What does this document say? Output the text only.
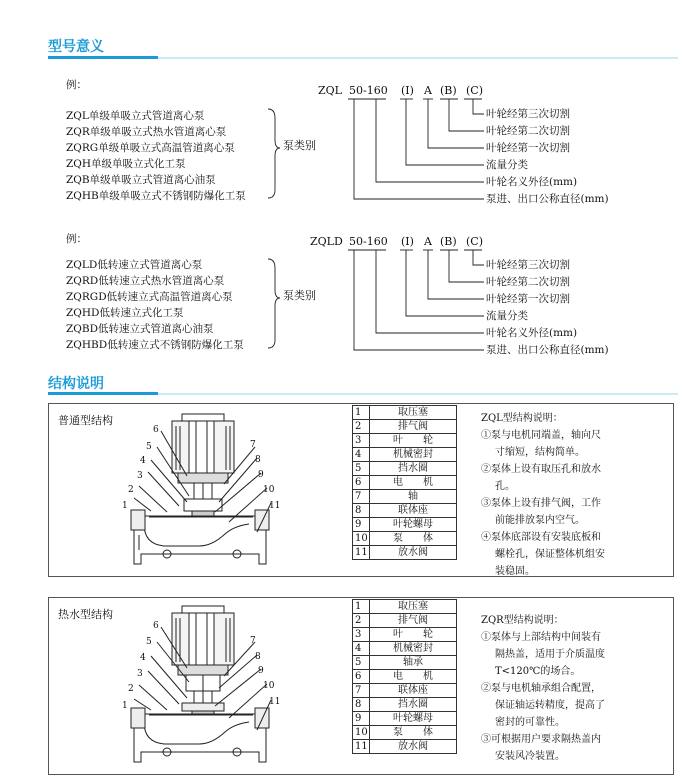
型号意义
例：	ZQL 50-160 (I) A (B) (C)
ZQL单级单吸立式管道离心泵
ZQR单级单吸立式热水管道离心泵
ZQRG单级单吸立式高温管道离心泵
ZQH单级单吸立式化工泵
ZQB单级单吸立式管道离心油泵
ZQHB单级单吸立式不锈钢防爆化工泵
泵类别
叶轮经第三次切割
叶轮经第二次切割
叶轮经第一次切割
流量分类
叶轮名义外径(mm)
泵进、出口公称直径(mm)
例：	ZQLD 50-160 (I) A (B) (C)
ZQLD低转速立式管道离心泵
ZQRD低转速立式热水管道离心泵
ZQRGD低转速立式高温管道离心泵
ZQHD低转速立式化工泵
ZQBD低转速立式管道离心油泵
ZQHBD低转速立式不锈钢防爆化工泵
泵类别
叶轮经第三次切割
叶轮经第二次切割
叶轮经第一次切割
流量分类
叶轮名义外径(mm)
泵进、出口公称直径(mm)
结构说明
普通型结构
1
2
3
4
5
6
7
8
9
10
11
1	取压塞
2	排气阀
3	叶　　轮
4	机械密封
5	挡水圈
6	电　　机
7	轴
8	联体座
9	叶轮螺母
10	泵　　体
11	放水阀
ZQL型结构说明：
①泵与电机同端盖，轴向尺
寸缩短，结构简单。
②泵体上设有取压孔和放水
孔。
③泵体上设有排气阀，工作
前能排放泵内空气。
④泵体底部设有安装底板和
螺栓孔，保证整体机组安
装稳固。
热水型结构
1
2
3
4
5
6
7
8
9
10
11
1	取压塞
2	排气阀
3	叶　　轮
4	机械密封
5	轴承
6	电　　机
7	联体座
8	挡水圈
9	叶轮螺母
10	泵　　体
11	放水阀
ZQR型结构说明：
①泵体与上部结构中间装有
隔热盖，适用于介质温度
T<120℃的场合。
②泵与电机轴承组合配置，
保证轴运转精度，提高了
密封的可靠性。
③可根据用户要求隔热盖内
安装风冷装置。
